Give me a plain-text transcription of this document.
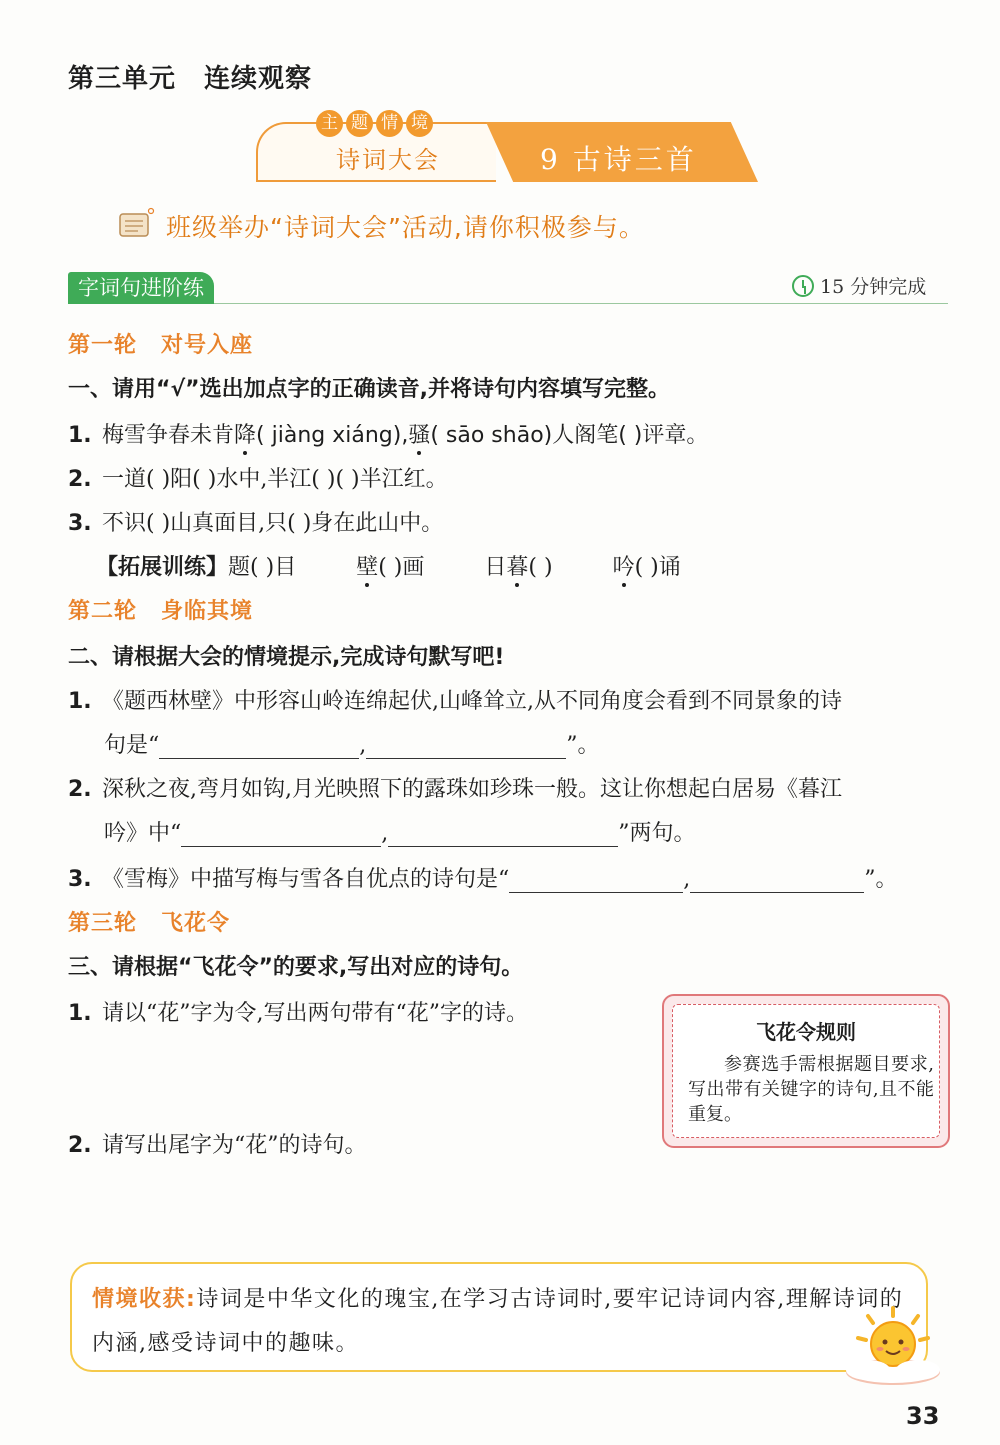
第三单元 连续观察
主 题 情 境
诗词大会	9 古诗三首
班级举办“诗词大会”活动,请你积极参与。
字词句进阶练	15 分钟完成
第一轮 对号入座
一、请用“√”选出加点字的正确读音,并将诗句内容填写完整。
1. 梅雪争春未肯降( jiàng xiáng),骚( sāo shāo)人阁笔( )评章。
2. 一道( )阳( )水中,半江( )( )半江红。
3. 不识( )山真面目,只( )身在此山中。
【拓展训练】题( )目	壁( )画	日暮( )	吟( )诵
第二轮 身临其境
二、请根据大会的情境提示,完成诗句默写吧!
1. 《题西林壁》中形容山岭连绵起伏,山峰耸立,从不同角度会看到不同景象的诗
句是“	,	”。
2. 深秋之夜,弯月如钩,月光映照下的露珠如珍珠一般。这让你想起白居易《暮江
吟》中“	,	”两句。
3. 《雪梅》中描写梅与雪各自优点的诗句是“	,	”。
第三轮 飞花令
三、请根据“飞花令”的要求,写出对应的诗句。
1. 请以“花”字为令,写出两句带有“花”字的诗。
2. 请写出尾字为“花”的诗句。
飞花令规则
参赛选手需根据题目要求,写出带有关键字的诗句,且不能重复。
情境收获:诗词是中华文化的瑰宝,在学习古诗词时,要牢记诗词内容,理解诗词的内涵,感受诗词中的趣味。
33
